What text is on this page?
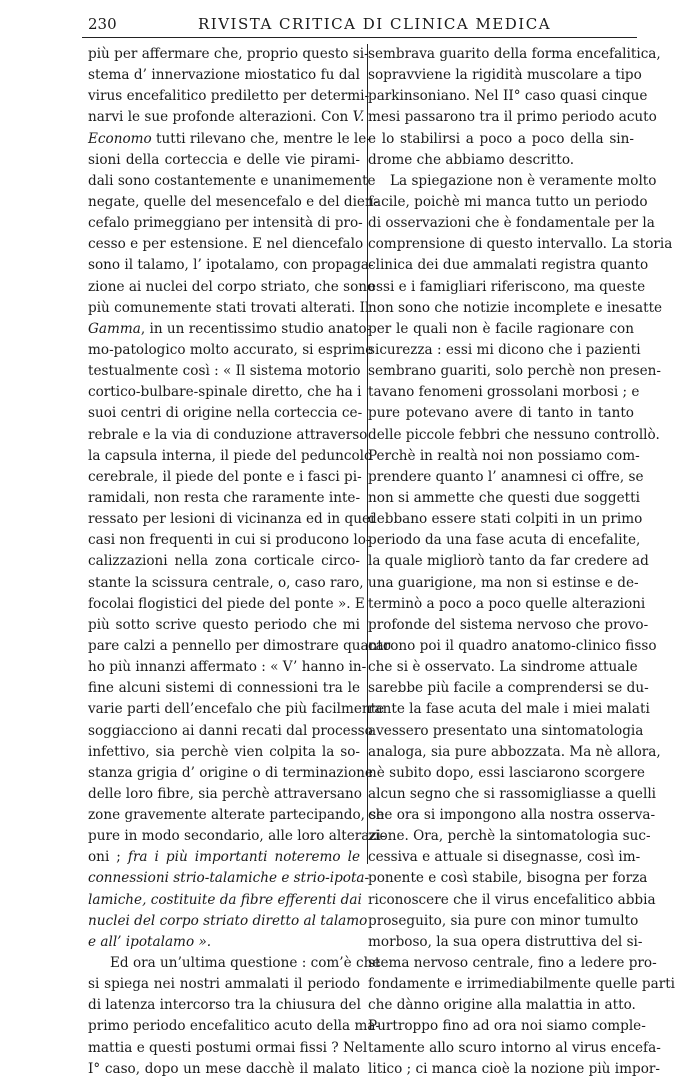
230	RIVISTA CRITICA DI CLINICA MEDICA
più per affermare che, proprio questo si-
stema d’ innervazione miostatico fu dal
virus encefalitico prediletto per determi-
narvi le sue profonde alterazioni. Con V.
Economo tutti rilevano che, mentre le le-
sioni della corteccia e delle vie pirami-
dali sono costantemente e unanimemente
negate, quelle del mesencefalo e del dien-
cefalo primeggiano per intensità di pro-
cesso e per estensione. E nel diencefalo
sono il talamo, l’ ipotalamo, con propaga-
zione ai nuclei del corpo striato, che sono
più comunemente stati trovati alterati. Il
Gamma, in un recentissimo studio anato-
mo-patologico molto accurato, si esprime
testualmente così : « Il sistema motorio
cortico-bulbare-spinale diretto, che ha i
suoi centri di origine nella corteccia ce-
rebrale e la via di conduzione attraverso
la capsula interna, il piede del peduncolo
cerebrale, il piede del ponte e i fasci pi-
ramidali, non resta che raramente inte-
ressato per lesioni di vicinanza ed in quei
casi non frequenti in cui si producono lo-
calizzazioni nella zona corticale circo-
stante la scissura centrale, o, caso raro,
focolai flogistici del piede del ponte ». E
più sotto scrive questo periodo che mi
pare calzi a pennello per dimostrare quanto
ho più innanzi affermato : « V’ hanno in-
fine alcuni sistemi di connessioni tra le
varie parti dell’encefalo che più facilmente
soggiacciono ai danni recati dal processo
infettivo, sia perchè vien colpita la so-
stanza grigia d’ origine o di terminazione
delle loro fibre, sia perchè attraversano
zone gravemente alterate partecipando, se
pure in modo secondario, alle loro alterazi-
oni ; fra i più importanti noteremo le
connessioni strio-talamiche e strio-ipota-
lamiche, costituite da fibre efferenti dai
nuclei del corpo striato diretto al talamo
e all’ ipotalamo ».
Ed ora un’ultima questione : com’è che
si spiega nei nostri ammalati il periodo
di latenza intercorso tra la chiusura del
primo periodo encefalitico acuto della ma-
mattia e questi postumi ormai fissi ? Nel
I° caso, dopo un mese dacchè il malato
sembrava guarito della forma encefalitica,
sopravviene la rigidità muscolare a tipo
parkinsoniano. Nel II° caso quasi cinque
mesi passarono tra il primo periodo acuto
e lo stabilirsi a poco a poco della sin-
drome che abbiamo descritto.
La spiegazione non è veramente molto
facile, poichè mi manca tutto un periodo
di osservazioni che è fondamentale per la
comprensione di questo intervallo. La storia
clinica dei due ammalati registra quanto
essi e i famigliari riferiscono, ma queste
non sono che notizie incomplete e inesatte
per le quali non è facile ragionare con
sicurezza : essi mi dicono che i pazienti
sembrano guariti, solo perchè non presen-
tavano fenomeni grossolani morbosi ; e
pure potevano avere di tanto in tanto
delle piccole febbri che nessuno controllò.
Perchè in realtà noi non possiamo com-
prendere quanto l’ anamnesi ci offre, se
non si ammette che questi due soggetti
debbano essere stati colpiti in un primo
periodo da una fase acuta di encefalite,
la quale migliorò tanto da far credere ad
una guarigione, ma non si estinse e de-
terminò a poco a poco quelle alterazioni
profonde del sistema nervoso che provo-
carono poi il quadro anatomo-clinico fisso
che si è osservato. La sindrome attuale
sarebbe più facile a comprendersi se du-
rante la fase acuta del male i miei malati
avessero presentato una sintomatologia
analoga, sia pure abbozzata. Ma nè allora,
nè subito dopo, essi lasciarono scorgere
alcun segno che si rassomigliasse a quelli
che ora si impongono alla nostra osserva-
zione. Ora, perchè la sintomatologia suc-
cessiva e attuale si disegnasse, così im-
ponente e così stabile, bisogna per forza
riconoscere che il virus encefalitico abbia
proseguito, sia pure con minor tumulto
morboso, la sua opera distruttiva del si-
stema nervoso centrale, fino a ledere pro-
fondamente e irrimediabilmente quelle parti
che dànno origine alla malattia in atto.
Purtroppo fino ad ora noi siamo comple-
tamente allo scuro intorno al virus encefa-
litico ; ci manca cioè la nozione più impor-
